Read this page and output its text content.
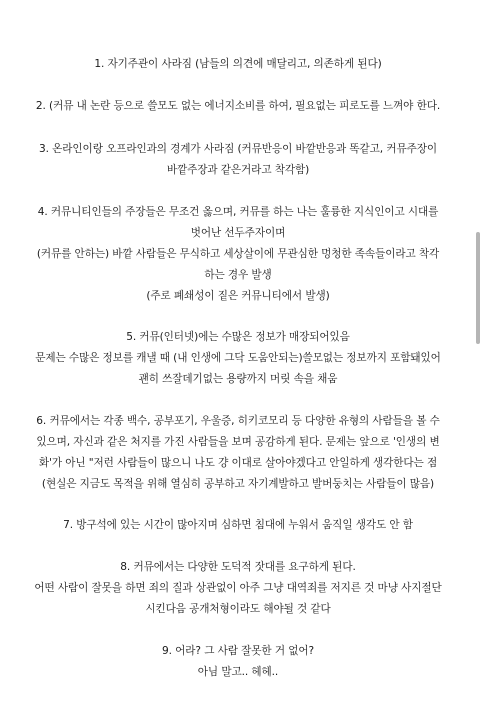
1. 자기주관이 사라짐 (남들의 의견에 매달리고, 의존하게 된다)
2. (커뮤 내 논란 등으로 쓸모도 없는 에너지소비를 하여, 필요없는 피로도를 느껴야 한다.
3. 온라인이랑 오프라인과의 경계가 사라짐 (커뮤반응이 바깥반응과 똑같고, 커뮤주장이
바깥주장과 같은거라고 착각함)
4. 커뮤니티인들의 주장들은 무조건 옳으며, 커뮤를 하는 나는 훌륭한 지식인이고 시대를
벗어난 선두주자이며
(커뮤를 안하는) 바깥 사람들은 무식하고 세상살이에 무관심한 멍청한 족속들이라고 착각
하는 경우 발생
(주로 폐쇄성이 짙은 커뮤니티에서 발생)
5. 커뮤(인터넷)에는 수많은 정보가 매장되어있음
문제는 수많은 정보를 캐낼 때 (내 인생에 그닥 도움안되는)쓸모없는 정보까지 포함돼있어
괜히 쓰잘데기없는 용량까지 머릿 속을 채움
6. 커뮤에서는 각종 백수, 공부포기, 우울증, 히키코모리 등 다양한 유형의 사람들을 볼 수
있으며, 자신과 같은 처지를 가진 사람들을 보며 공감하게 된다. 문제는 앞으로 '인생의 변
화'가 아닌 "저런 사람들이 많으니 나도 걍 이대로 살아야겠다고 안일하게 생각한다는 점
(현실은 지금도 목적을 위해 열심히 공부하고 자기계발하고 발버둥치는 사람들이 많음)
7. 방구석에 있는 시간이 많아지며 심하면 침대에 누워서 움직일 생각도 안 함
8. 커뮤에서는 다양한 도덕적 잣대를 요구하게 된다.
어떤 사람이 잘못을 하면 죄의 질과 상관없이 아주 그냥 대역죄를 저지른 것 마냥 사지절단
시킨다음 공개처형이라도 해야될 것 같다
9. 어라? 그 사람 잘못한 거 없어?
아님 말고.. 헤헤..
